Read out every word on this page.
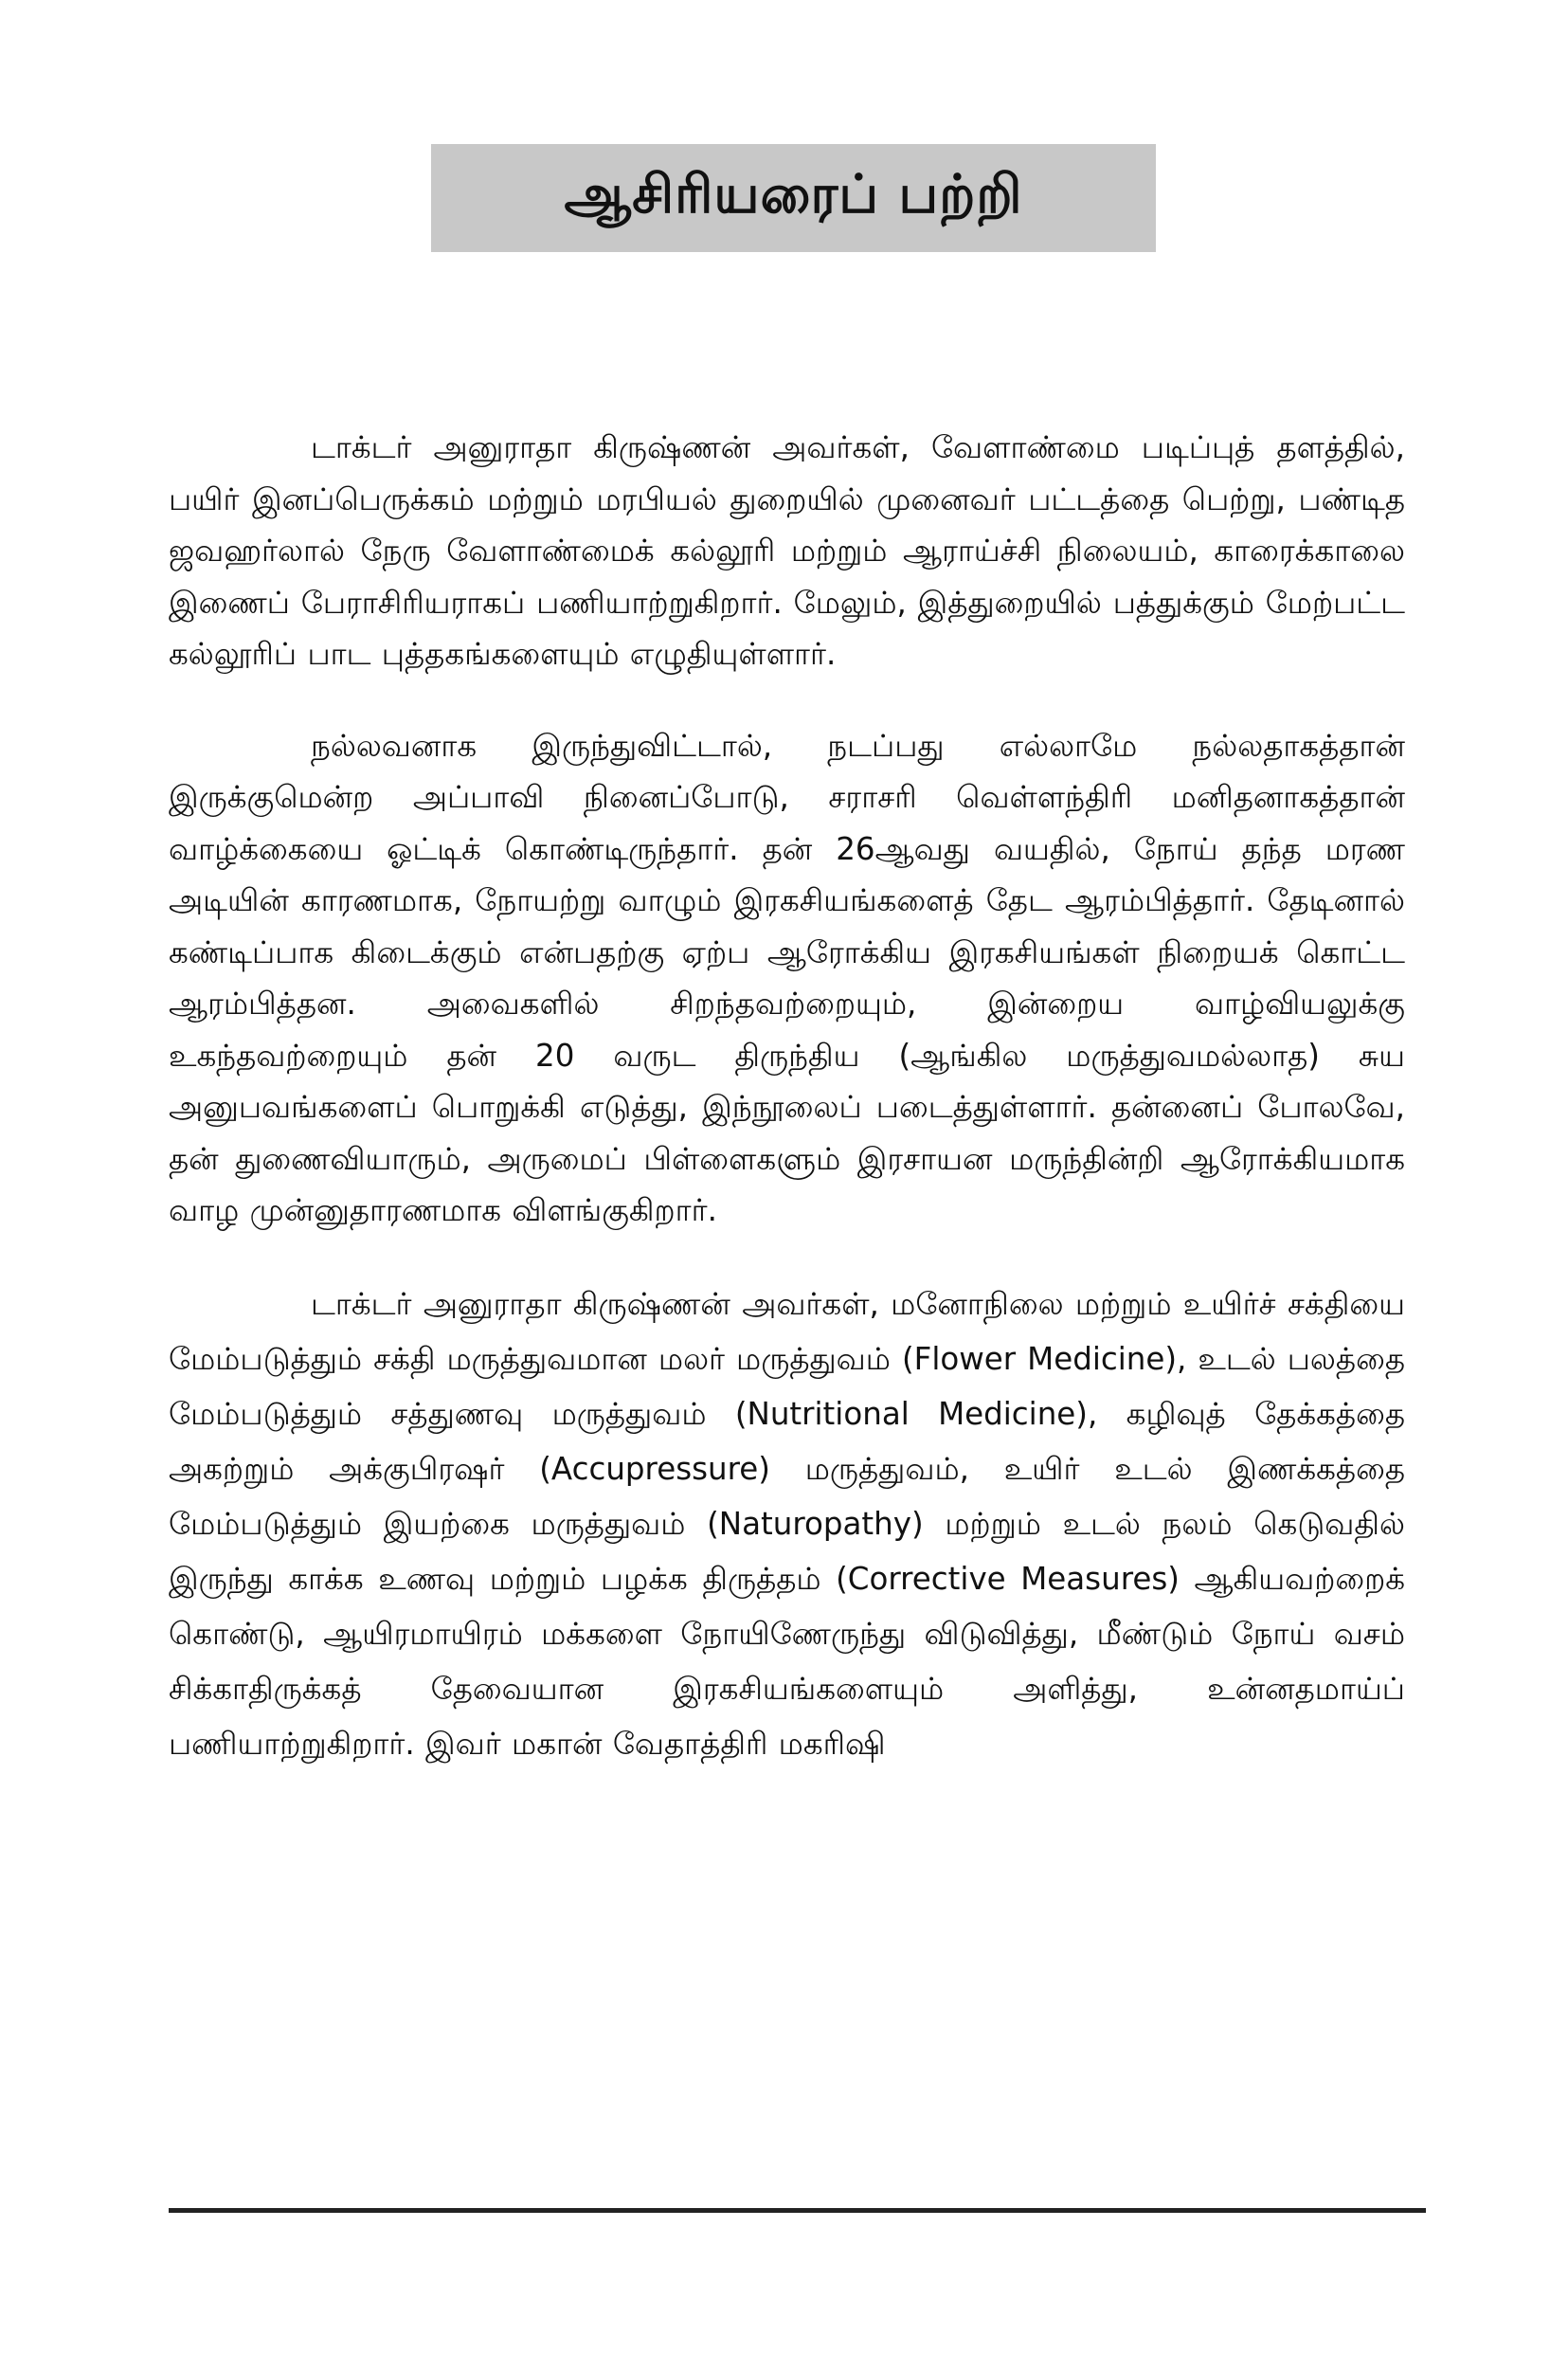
ஆசிரியரைப் பற்றி

டாக்டர் அனுராதா கிருஷ்ணன் அவர்கள், வேளாண்மை படிப்புத் தளத்தில், பயிர் இனப்பெருக்கம் மற்றும் மரபியல் துறையில் முனைவர் பட்டத்தை பெற்று, பண்டித ஜவஹர்லால் நேரு வேளாண்மைக் கல்லூரி மற்றும் ஆராய்ச்சி நிலையம், காரைக்காலை இணைப் பேராசிரியராகப் பணியாற்றுகிறார். மேலும், இத்துறையில் பத்துக்கும் மேற்பட்ட கல்லூரிப் பாட புத்தகங்களையும் எழுதியுள்ளார்.

நல்லவனாக இருந்துவிட்டால், நடப்பது எல்லாமே நல்லதாகத்தான் இருக்குமென்ற அப்பாவி நினைப்போடு, சராசரி வெள்ளந்திரி மனிதனாகத்தான் வாழ்க்கையை ஓட்டிக் கொண்டிருந்தார். தன் 26ஆவது வயதில், நோய் தந்த மரண அடியின் காரணமாக, நோயற்று வாழும் இரகசியங்களைத் தேட ஆரம்பித்தார். தேடினால் கண்டிப்பாக கிடைக்கும் என்பதற்கு ஏற்ப ஆரோக்கிய இரகசியங்கள் நிறையக் கொட்ட ஆரம்பித்தன. அவைகளில் சிறந்தவற்றையும், இன்றைய வாழ்வியலுக்கு உகந்தவற்றையும் தன் 20 வருட திருந்திய (ஆங்கில மருத்துவமல்லாத) சுய அனுபவங்களைப் பொறுக்கி எடுத்து, இந்நூலைப் படைத்துள்ளார். தன்னைப் போலவே, தன் துணைவியாரும், அருமைப் பிள்ளைகளும் இரசாயன மருந்தின்றி ஆரோக்கியமாக வாழ முன்னுதாரணமாக விளங்குகிறார்.

டாக்டர் அனுராதா கிருஷ்ணன் அவர்கள், மனோநிலை மற்றும் உயிர்ச் சக்தியை மேம்படுத்தும் சக்தி மருத்துவமான மலர் மருத்துவம் (Flower Medicine), உடல் பலத்தை மேம்படுத்தும் சத்துணவு மருத்துவம் (Nutritional Medicine), கழிவுத் தேக்கத்தை அகற்றும் அக்குபிரஷர் (Accupressure) மருத்துவம், உயிர் உடல் இணக்கத்தை மேம்படுத்தும் இயற்கை மருத்துவம் (Naturopathy) மற்றும் உடல் நலம் கெடுவதில் இருந்து காக்க உணவு மற்றும் பழக்க திருத்தம் (Corrective Measures) ஆகியவற்றைக் கொண்டு, ஆயிரமாயிரம் மக்களை நோயிணேருந்து விடுவித்து, மீண்டும் நோய் வசம் சிக்காதிருக்கத் தேவையான இரகசியங்களையும் அளித்து, உன்னதமாய்ப் பணியாற்றுகிறார். இவர் மகான் வேதாத்திரி மகரிஷி
